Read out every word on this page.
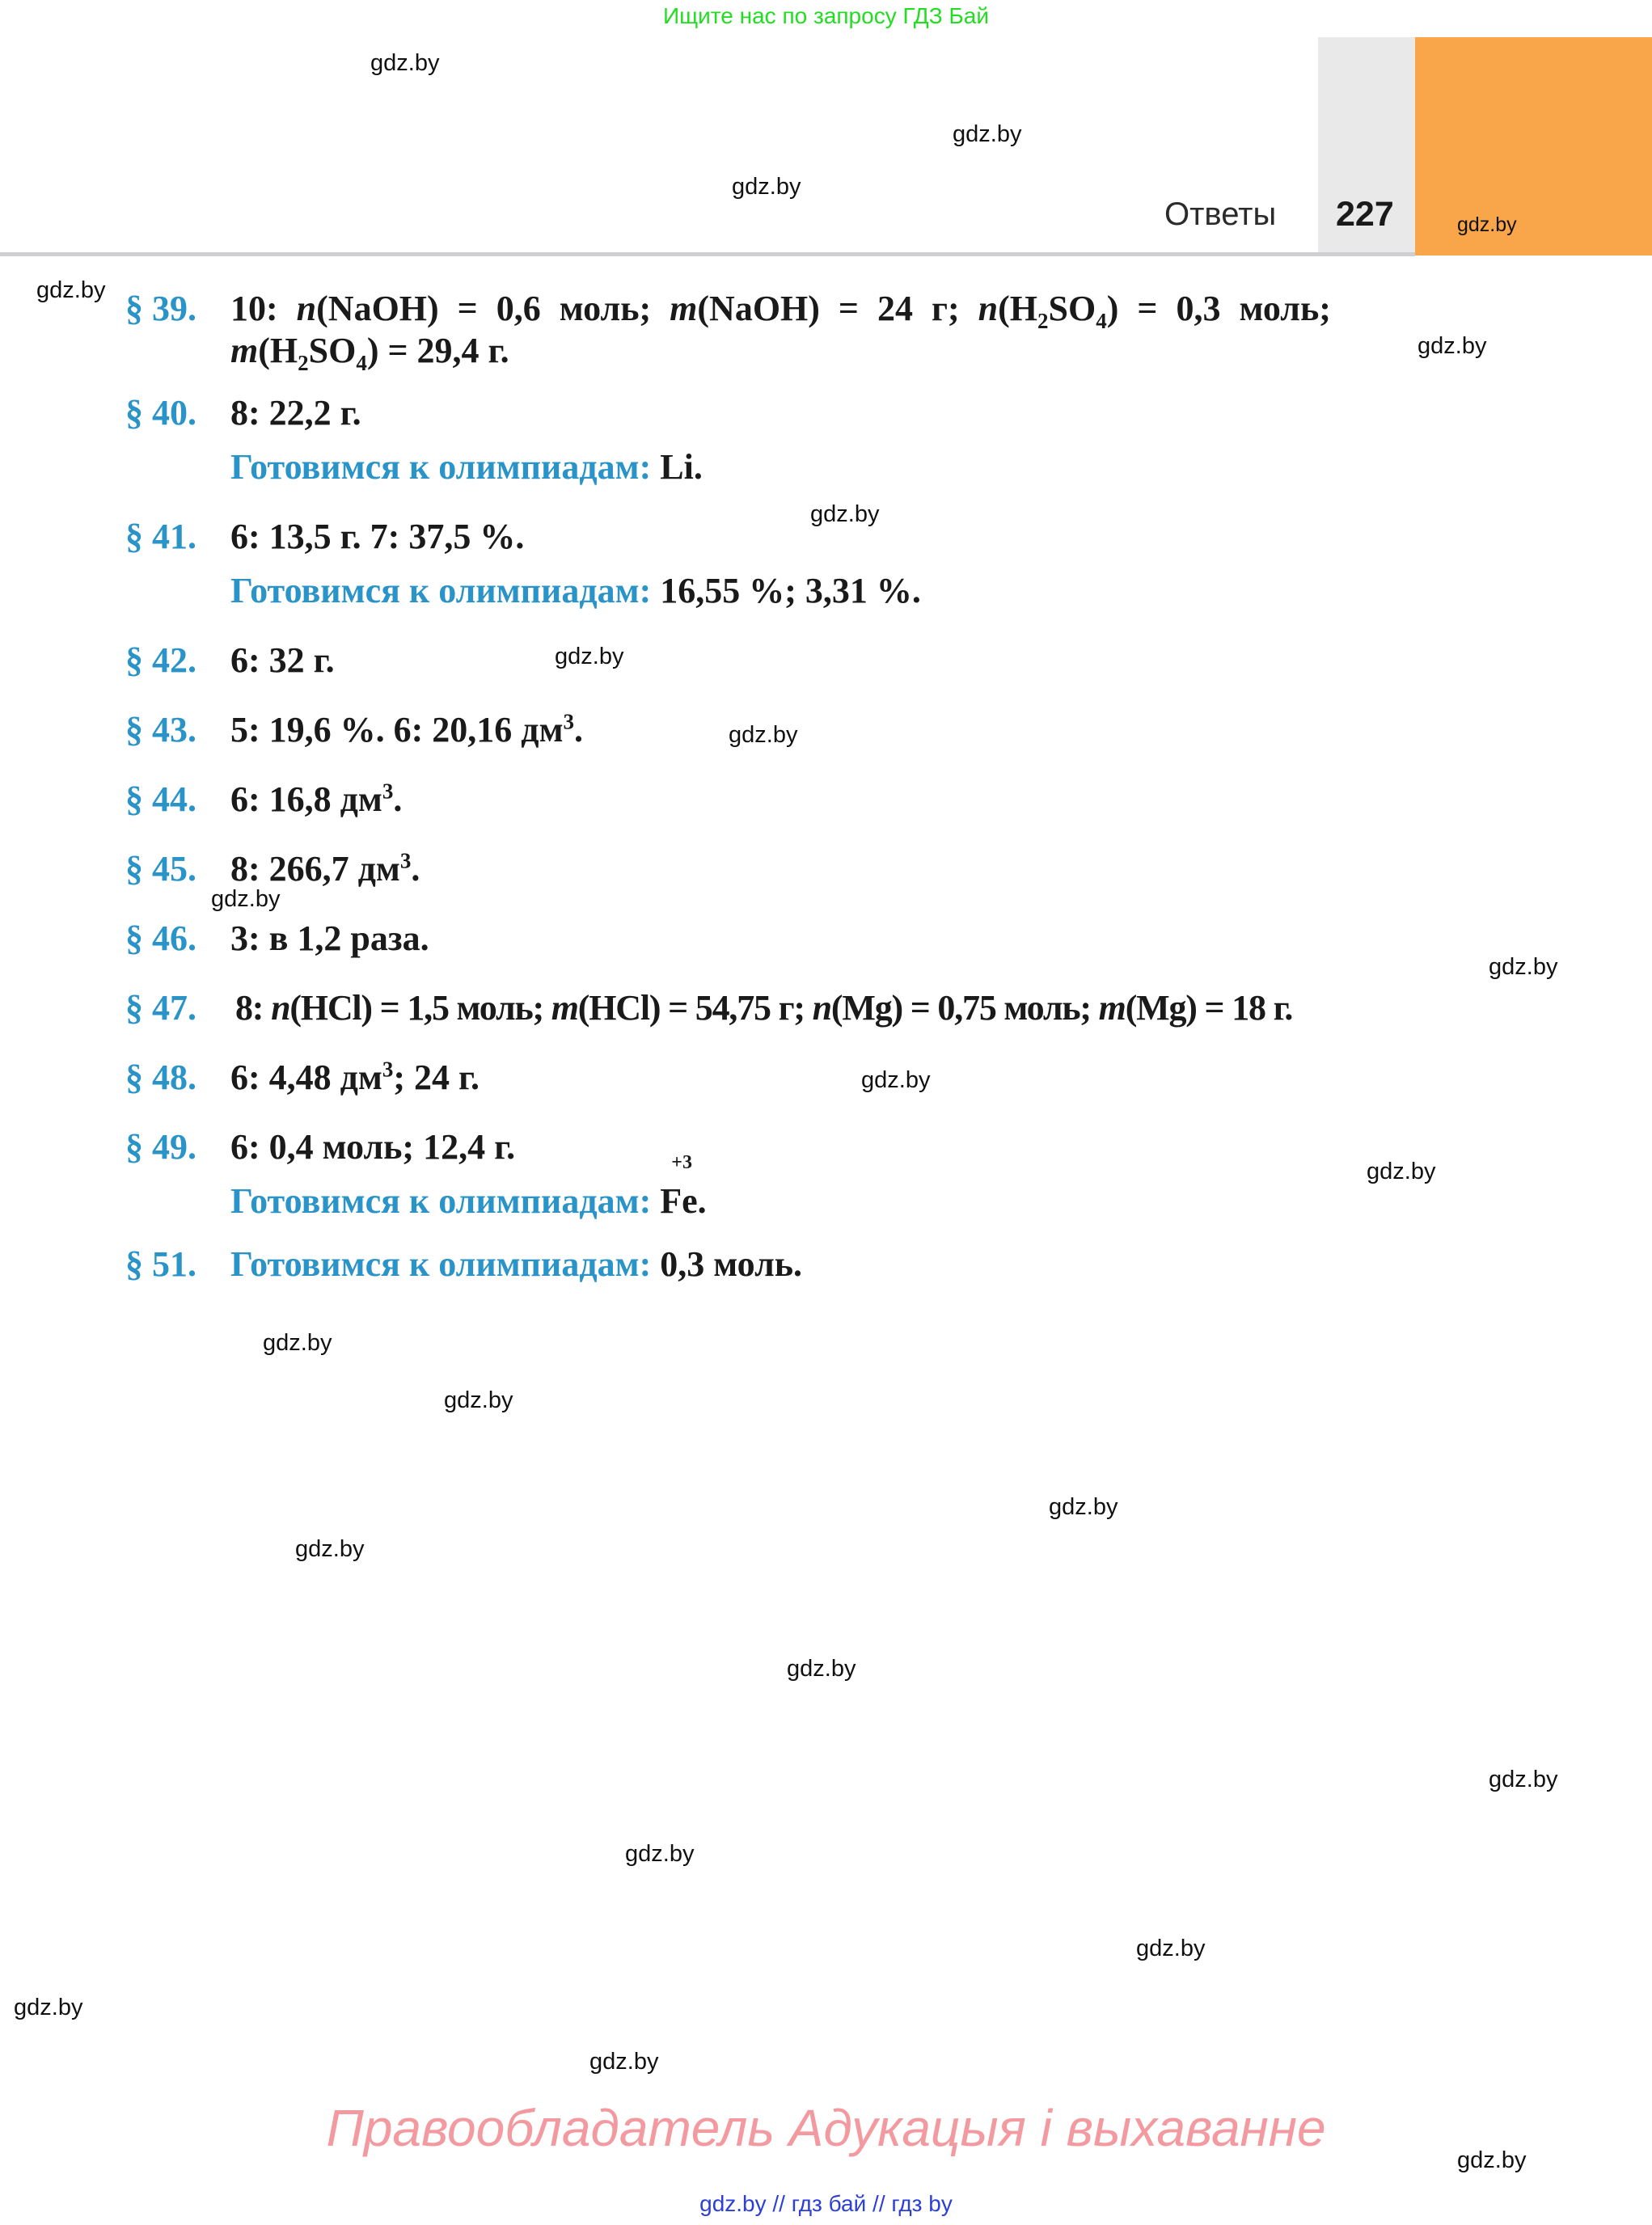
Ищите нас по запросу ГДЗ Бай
Ответы 227
§ 39. 10: n(NaOH) = 0,6 моль; m(NaOH) = 24 г; $n(H_2SO_4) = 0,3$ моль;
$m(H_2SO_4) = 29,4$ г.
§ 40. 8: 22,2 г.
Готовимся к олимпиадам: Li.
§ 41. 6: 13,5 г. 7: 37,5 %.
Готовимся к олимпиадам: 16,55 %; 3,31 %.
§ 42. 6: 32 г.
§ 43. 5: 19,6 %. 6: 20,16 $дм^3$.
§ 44. 6: 16,8 $дм^3$.
§ 45. 8: 266,7 $дм^3$.
§ 46. 3: в 1,2 раза.
§ 47. 8: n(HCl) = 1,5 моль; m(HCl) = 54,75 г; n(Mg) = 0,75 моль; m(Mg) = 18 г.
§ 48. 6: 4,48 $дм^3$; 24 г.
§ 49. 6: 0,4 моль; 12,4 г.
Готовимся к олимпиадам:
+3
Fe.
§ 51. Готовимся к олимпиадам: 0,3 моль.
gdz.by
gdz.by
gdz.by
gdz.by
gdz.by
gdz.by
gdz.by
gdz.by
gdz.by
gdz.by
gdz.by
gdz.by
gdz.by
gdz.by
gdz.by
gdz.by
gdz.by
gdz.by
gdz.by
gdz.by
gdz.by
gdz.by
gdz.by
gdz.by
Правообладатель Адукацыя і выхаванне
gdz.by // гдз бай // гдз by
